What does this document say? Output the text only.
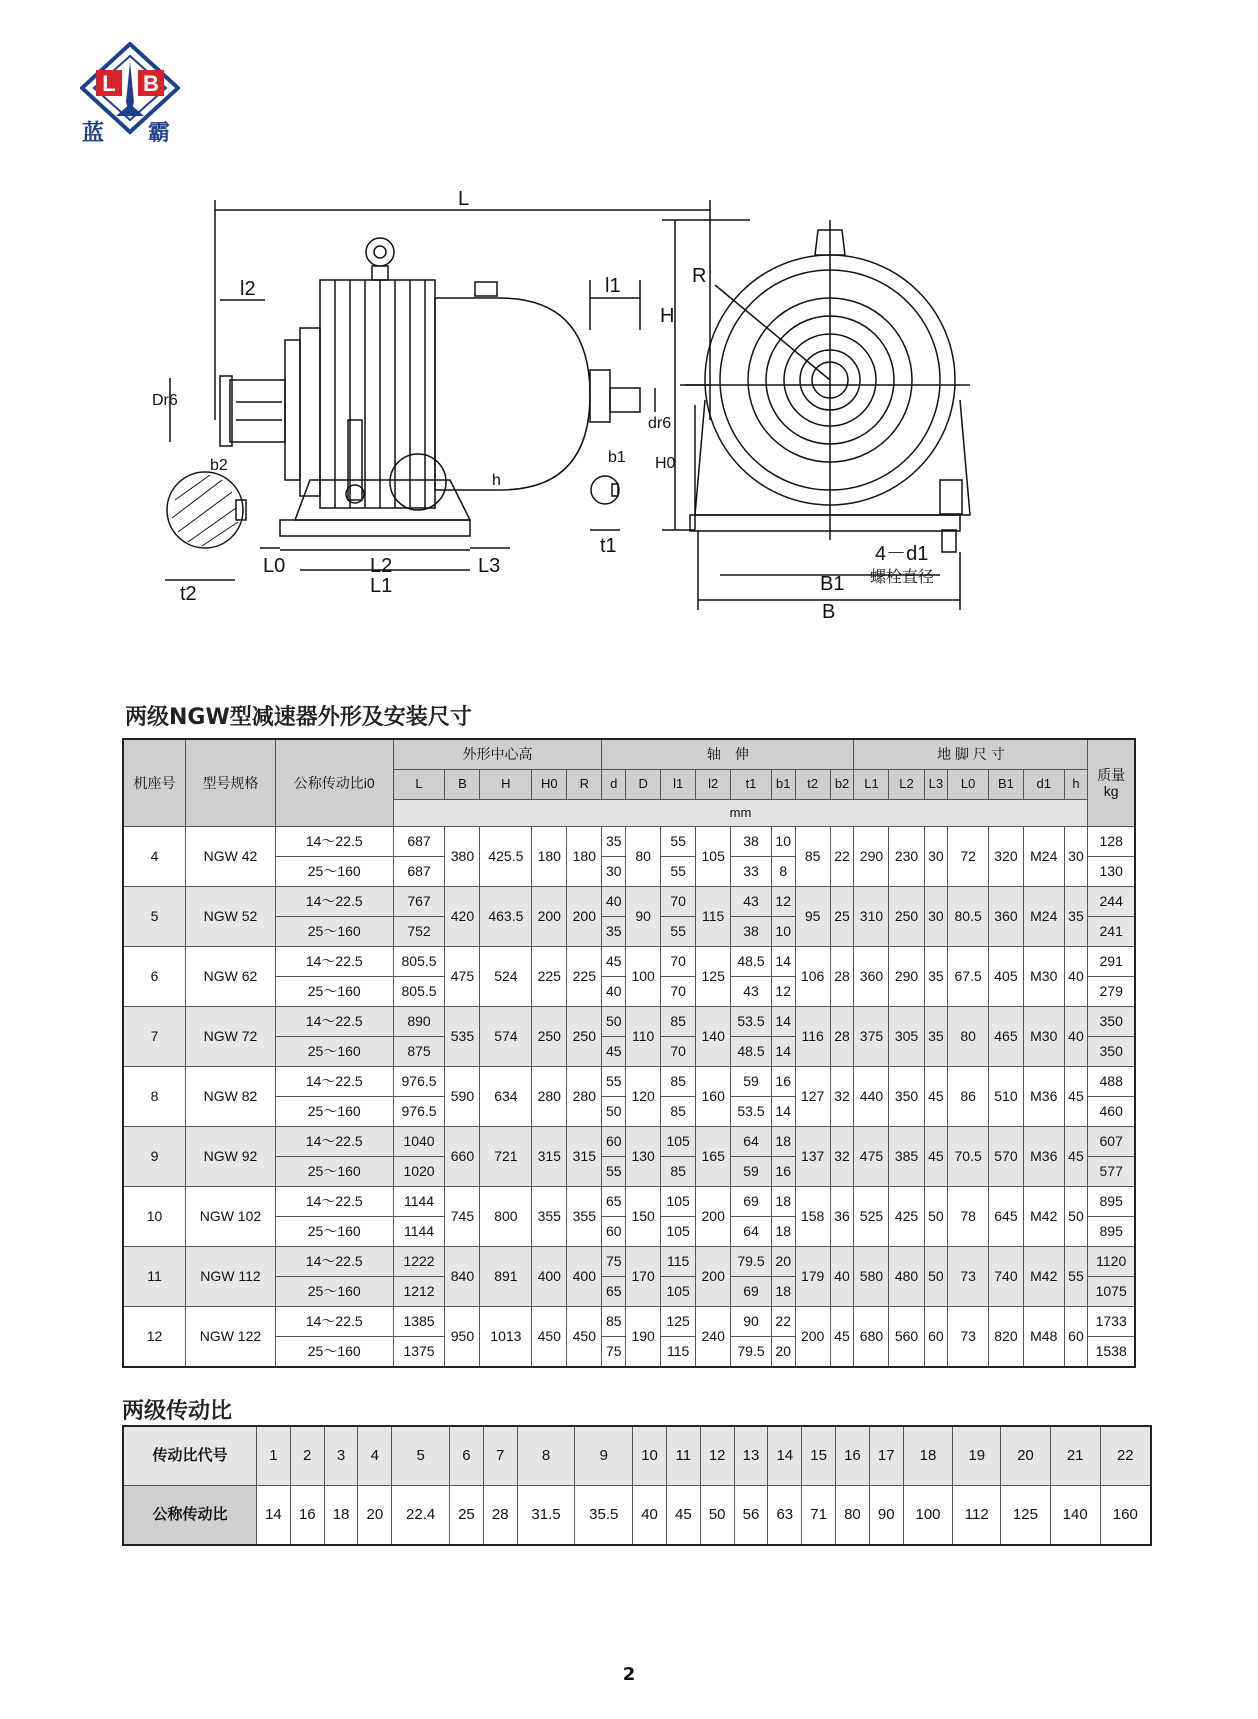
L B
蓝 霸
L
l2	l1
Dr6
dr6
b2	b1
t2
t1
h
L0	L2	L3
L1
R
H
H0
4－d1
螺栓直径
B1
B
两级NGW型减速器外形及安装尺寸
机座号	型号规格	公称传动比i0	外形中心高					轴　伸								地 脚 尺 寸							质量
kg

			L	B	H	H0	R	d	D	l1	l2	t1	b1	t2	b2	L1	L2	L3	L0	B1	d1	h	
			mm																				
4	NGW 42	14～22.5	687	380	425.5	180	180	35	80	55	105	38	10	85	22	290	230	30	72	320	M24	30	128
		25～160	687					30		55		33	8										130
5	NGW 52	14～22.5	767	420	463.5	200	200	40	90	70	115	43	12	95	25	310	250	30	80.5	360	M24	35	244
		25～160	752					35		55		38	10										241
6	NGW 62	14～22.5	805.5	475	524	225	225	45	100	70	125	48.5	14	106	28	360	290	35	67.5	405	M30	40	291
		25～160	805.5					40		70		43	12										279
7	NGW 72	14～22.5	890	535	574	250	250	50	110	85	140	53.5	14	116	28	375	305	35	80	465	M30	40	350
		25～160	875					45		70		48.5	14										350
8	NGW 82	14～22.5	976.5	590	634	280	280	55	120	85	160	59	16	127	32	440	350	45	86	510	M36	45	488
		25～160	976.5					50		85		53.5	14										460
9	NGW 92	14～22.5	1040	660	721	315	315	60	130	105	165	64	18	137	32	475	385	45	70.5	570	M36	45	607
		25～160	1020					55		85		59	16										577
10	NGW 102	14～22.5	1144	745	800	355	355	65	150	105	200	69	18	158	36	525	425	50	78	645	M42	50	895
		25～160	1144					60		105		64	18										895
11	NGW 112	14～22.5	1222	840	891	400	400	75	170	115	200	79.5	20	179	40	580	480	50	73	740	M42	55	1120
		25～160	1212					65		105		69	18										1075
12	NGW 122	14～22.5	1385	950	1013	450	450	85	190	125	240	90	22	200	45	680	560	60	73	820	M48	60	1733
		25～160	1375					75		115		79.5	20										1538
两级传动比
传动比代号	1	2	3	4	5	6	7	8	9	10	11	12	13	14	15	16	17	18	19	20	21	22
公称传动比	14	16	18	20	22.4	25	28	31.5	35.5	40	45	50	56	63	71	80	90	100	112	125	140	160
2
